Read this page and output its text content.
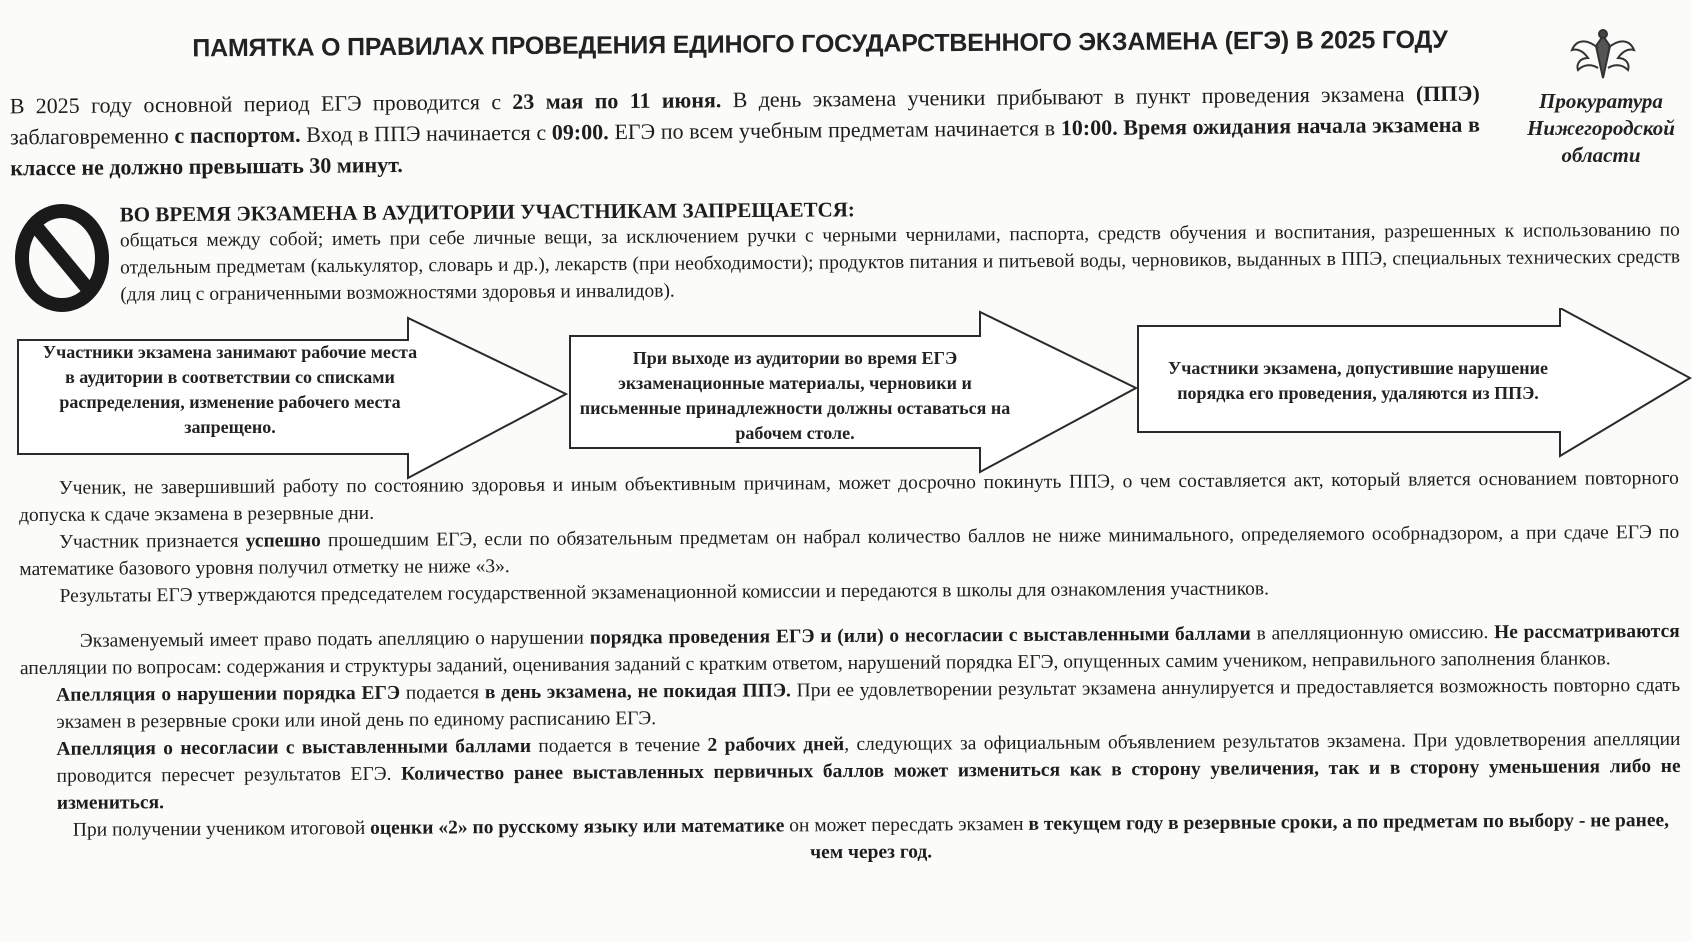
ПАМЯТКА О ПРАВИЛАХ ПРОВЕДЕНИЯ ЕДИНОГО ГОСУДАРСТВЕННОГО ЭКЗАМЕНА (ЕГЭ) В 2025 ГОДУ
Прокуратура
Нижегородской
области
В 2025 году основной период ЕГЭ проводится с 23 мая по 11 июня. В день экзамена ученики прибывают в пункт проведения экзамена (ППЭ) заблаговременно с паспортом. Вход в ППЭ начинается с 09:00. ЕГЭ по всем учебным предметам начинается в 10:00. Время ожидания начала экзамена в классе не должно превышать 30 минут.
ВО ВРЕМЯ ЭКЗАМЕНА В АУДИТОРИИ УЧАСТНИКАМ ЗАПРЕЩАЕТСЯ:
общаться между собой; иметь при себе личные вещи, за исключением ручки с черными чернилами, паспорта, средств обучения и воспитания, разрешенных к использованию по отдельным предметам (калькулятор, словарь и др.), лекарств (при необходимости); продуктов питания и питьевой воды, черновиков, выданных в ППЭ, специальных технических средств (для лиц с ограниченными возможностями здоровья и инвалидов).
Участники экзамена занимают рабочие места в аудитории в соответствии со списками распределения, изменение рабочего места запрещено.
При выходе из аудитории во время ЕГЭ экзаменационные материалы, черновики и письменные принадлежности должны оставаться на рабочем столе.
Участники экзамена, допустившие нарушение порядка его проведения, удаляются из ППЭ.

Ученик, не завершивший работу по состоянию здоровья и иным объективным причинам, может досрочно покинуть ППЭ, о чем составляется акт, который вляется основанием повторного допуска к сдаче экзамена в резервные дни.

Участник признается успешно прошедшим ЕГЭ, если по обязательным предметам он набрал количество баллов не ниже минимального, определяемого особрнадзором, а при сдаче ЕГЭ по математике базового уровня получил отметку не ниже «3».

Результаты ЕГЭ утверждаются председателем государственной экзаменационной комиссии и передаются в школы для ознакомления участников.

Экзаменуемый имеет право подать апелляцию о нарушении порядка проведения ЕГЭ и (или) о несогласии с выставленными баллами в апелляционную омиссию. Не рассматриваются апелляции по вопросам: содержания и структуры заданий, оценивания заданий с кратким ответом, нарушений порядка ЕГЭ, опущенных самим учеником, неправильного заполнения бланков.

Апелляция о нарушении порядка ЕГЭ подается в день экзамена, не покидая ППЭ. При ее удовлетворении результат экзамена аннулируется и предоставляется возможность повторно сдать экзамен в резервные сроки или иной день по единому расписанию ЕГЭ.

Апелляция о несогласии с выставленными баллами подается в течение 2 рабочих дней, следующих за официальным объявлением результатов экзамена. При удовлетворения апелляции проводится пересчет результатов ЕГЭ. Количество ранее выставленных первичных баллов может измениться как в сторону увеличения, так и в сторону уменьшения либо не измениться.

При получении учеником итоговой оценки «2» по русскому языку или математике он может пересдать экзамен в текущем году в резервные сроки, а по предметам по выбору - не ранее, чем через год.
